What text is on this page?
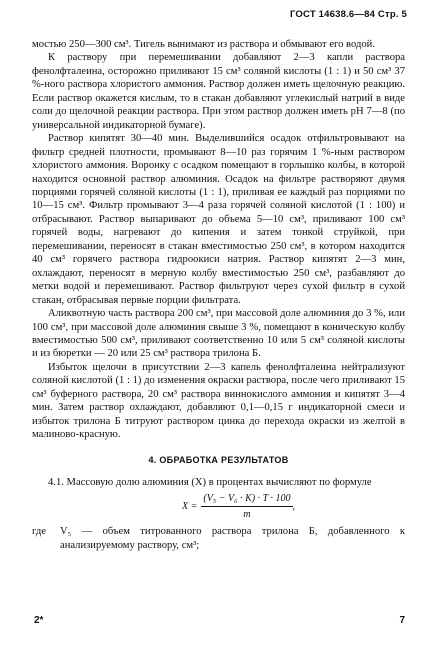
ГОСТ 14638.6—84 Стр. 5

мостью 250—300 см³. Тигель вынимают из раствора и обмывают его водой.

К раствору при перемешивании добавляют 2—3 капли раствора фенолфталеина, осторожно приливают 15 см³ соляной кислоты (1 : 1) и 50 см³ 37 %-ного раствора хлористого аммония. Раствор должен иметь щелочную реакцию. Если раствор окажется кислым, то в стакан добавляют углекислый натрий в виде соли до щелочной реакции раствора. При этом раствор должен иметь pH 7—8 (по универсальной индикаторной бумаге).

Раствор кипятят 30—40 мин. Выделившийся осадок отфильтровывают на фильтр средней плотности, промывают 8—10 раз горячим 1 %-ным раствором хлористого аммония. Воронку с осадком помещают в горлышко колбы, в которой находится основной раствор алюминия. Осадок на фильтре растворяют двумя порциями горячей соляной кислоты (1 : 1), приливая ее каждый раз порциями по 10—15 см³. Фильтр промывают 3—4 раза горячей соляной кислотой (1 : 100) и отбрасывают. Раствор выпаривают до объема 5—10 см³, приливают 100 см³ горячей воды, нагревают до кипения и затем тонкой струйкой, при перемешивании, переносят в стакан вместимостью 250 см³, в котором находится 40 см³ горячего раствора гидроокиси натрия. Раствор кипятят 2—3 мин, охлаждают, переносят в мерную колбу вместимостью 250 см³, разбавляют до метки водой и перемешивают. Раствор фильтруют через сухой фильтр в сухой стакан, отбрасывая первые порции фильтрата.

Аликвотную часть раствора 200 см³, при массовой доле алюминия до 3 %, или 100 см³, при массовой доле алюминия свыше 3 %, помещают в коническую колбу вместимостью 500 см³, приливают соответственно 10 или 5 см³ соляной кислоты и из бюретки — 20 или 25 см³ раствора трилона Б.

Избыток щелочи в присутствии 2—3 капель фенолфталеина нейтрализуют соляной кислотой (1 : 1) до изменения окраски раствора, после чего приливают 15 см³ буферного раствора, 20 см³ раствора виннокислого аммония и кипятят 3—4 мин. Затем раствор охлаждают, добавляют 0,1—0,15 г индикаторной смеси и избыток трилона Б титруют раствором цинка до перехода окраски из желтой в малиново-красную.

4. ОБРАБОТКА РЕЗУЛЬТАТОВ

4.1. Массовую долю алюминия (X) в процентах вычисляют по формуле

$X = \frac{\text{(V₅ − V₆ · K) · T · 100}}{m}$ ,
где	V₅ — объем титрованного раствора трилона Б, добавленного к анализируемому раствору, см³;
2*	7
